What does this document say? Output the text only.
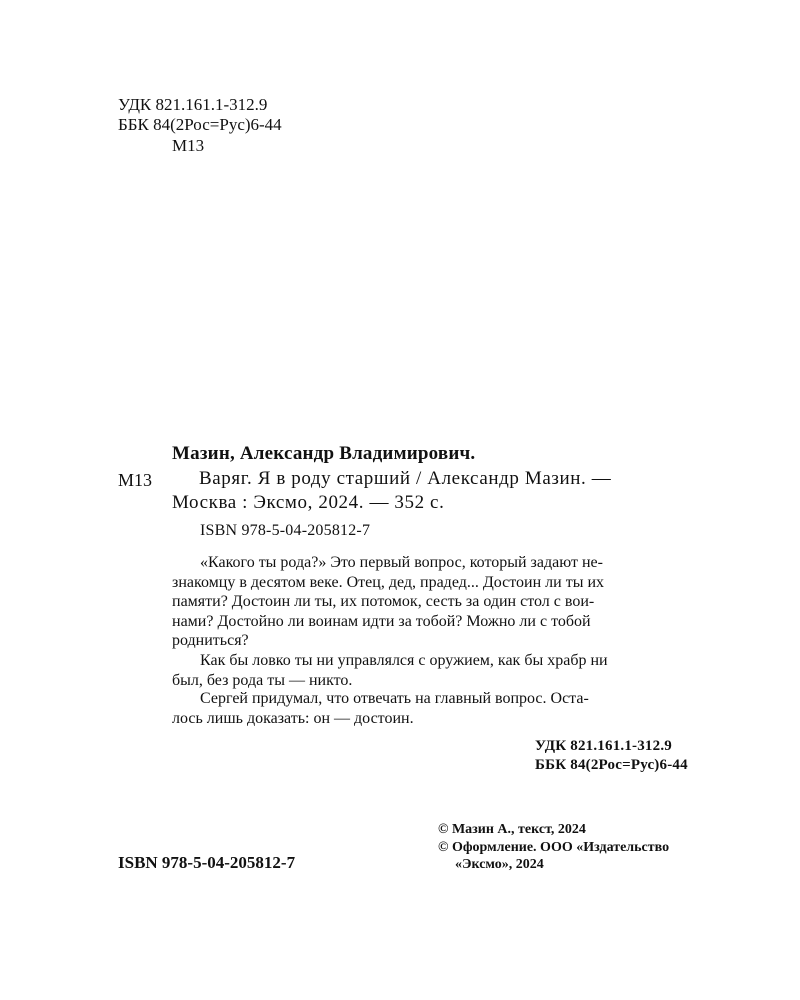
УДК 821.161.1-312.9
ББК 84(2Рос=Рус)6-44
М13
Мазин, Александр Владимирович.
М13 Варяг. Я в роду старший / Александр Мазин. —
Москва : Эксмо, 2024. — 352 с.
ISBN 978-5-04-205812-7

«Какого ты рода?» Это первый вопрос, который задают не-
знакомцу в десятом веке. Отец, дед, прадед... Достоин ли ты их
памяти? Достоин ли ты, их потомок, сесть за один стол с вои-
нами? Достойно ли воинам идти за тобой? Можно ли с тобой
родниться?

Как бы ловко ты ни управлялся с оружием, как бы храбр ни
был, без рода ты — никто.

Сергей придумал, что отвечать на главный вопрос. Оста-
лось лишь доказать: он — достоин.

УДК 821.161.1-312.9
ББК 84(2Рос=Рус)6-44
© Мазин А., текст, 2024
© Оформление. ООО «Издательство
«Эксмо», 2024
ISBN 978-5-04-205812-7
